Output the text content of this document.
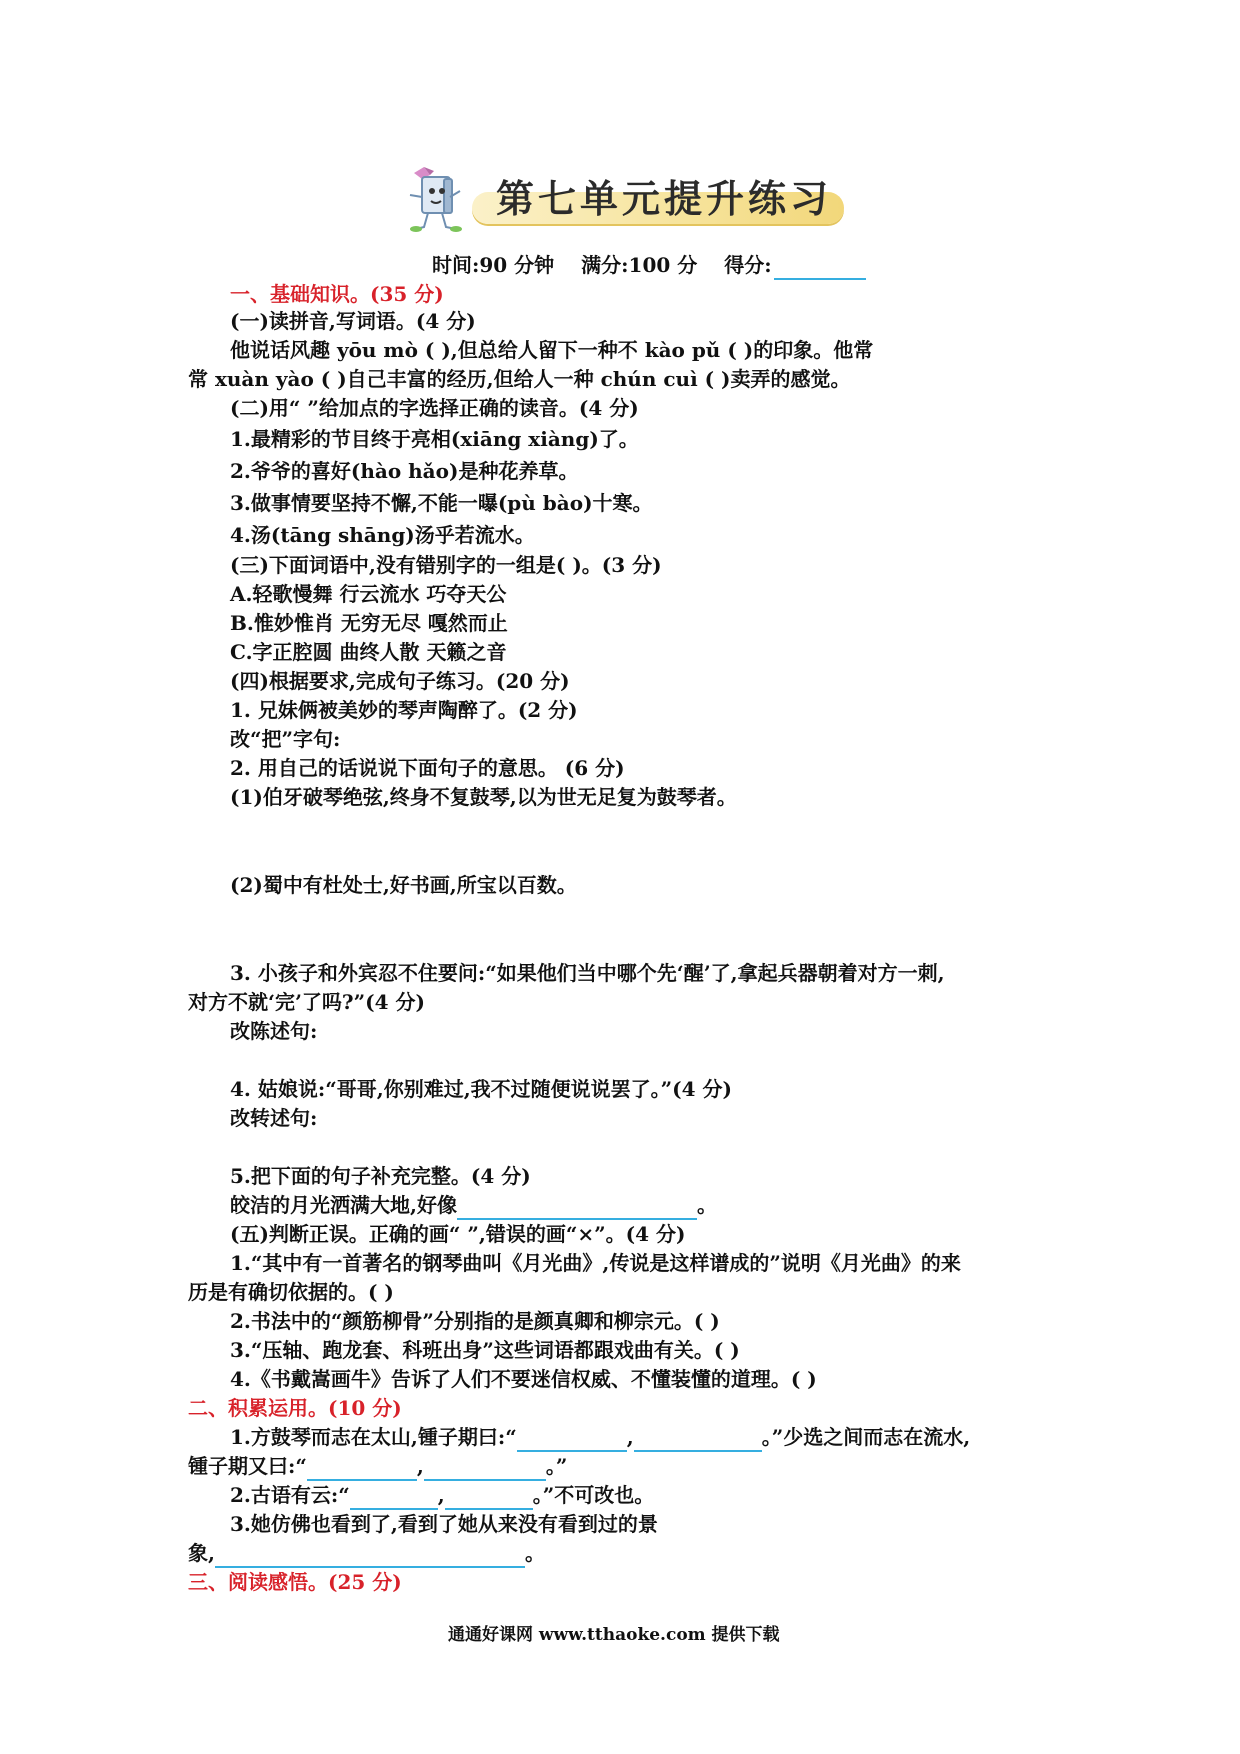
第七单元提升练习
时间:90 分钟 满分:100 分 得分:
一、基础知识。(35 分)
(一)读拼音,写词语。(4 分)
他说话风趣 yōu mò ( ),但总给人留下一种不 kào pǔ ( )的印象。他常
常 xuàn yào ( )自己丰富的经历,但给人一种 chún cuì ( )卖弄的感觉。
(二)用“ ”给加点的字选择正确的读音。(4 分)
1.最精彩的节目终于亮相(xiāng xiàng)了。
2.爷爷的喜好(hào hǎo)是种花养草。
3.做事情要坚持不懈,不能一曝(pù bào)十寒。
4.汤(tāng shāng)汤乎若流水。
(三)下面词语中,没有错别字的一组是( )。(3 分)
A.轻歌慢舞 行云流水 巧夺天公
B.惟妙惟肖 无穷无尽 嘎然而止
C.字正腔圆 曲终人散 天籁之音
(四)根据要求,完成句子练习。(20 分)
1. 兄妹俩被美妙的琴声陶醉了。(2 分)
改“把”字句:
2. 用自己的话说说下面句子的意思。 (6 分)
(1)伯牙破琴绝弦,终身不复鼓琴,以为世无足复为鼓琴者。
(2)蜀中有杜处士,好书画,所宝以百数。
3. 小孩子和外宾忍不住要问:“如果他们当中哪个先‘醒’了,拿起兵器朝着对方一刺,
对方不就‘完’了吗?”(4 分)
改陈述句:
4. 姑娘说:“哥哥,你别难过,我不过随便说说罢了。”(4 分)
改转述句:
5.把下面的句子补充完整。(4 分)
皎洁的月光洒满大地,好像	。
(五)判断正误。正确的画“ ”,错误的画“×”。(4 分)
1.“其中有一首著名的钢琴曲叫《月光曲》,传说是这样谱成的”说明《月光曲》的来
历是有确切依据的。( )
2.书法中的“颜筋柳骨”分别指的是颜真卿和柳宗元。( )
3.“压轴、跑龙套、科班出身”这些词语都跟戏曲有关。( )
4.《书戴嵩画牛》告诉了人们不要迷信权威、不懂装懂的道理。( )
二、积累运用。(10 分)
1.方鼓琴而志在太山,锺子期曰:“	,	。”少选之间而志在流水,
锺子期又曰:“	,	。”
2.古语有云:“	,	。”不可改也。
3.她仿佛也看到了,看到了她从来没有看到过的景
象,	。
三、阅读感悟。(25 分)
通通好课网 www.tthaoke.com 提供下载
